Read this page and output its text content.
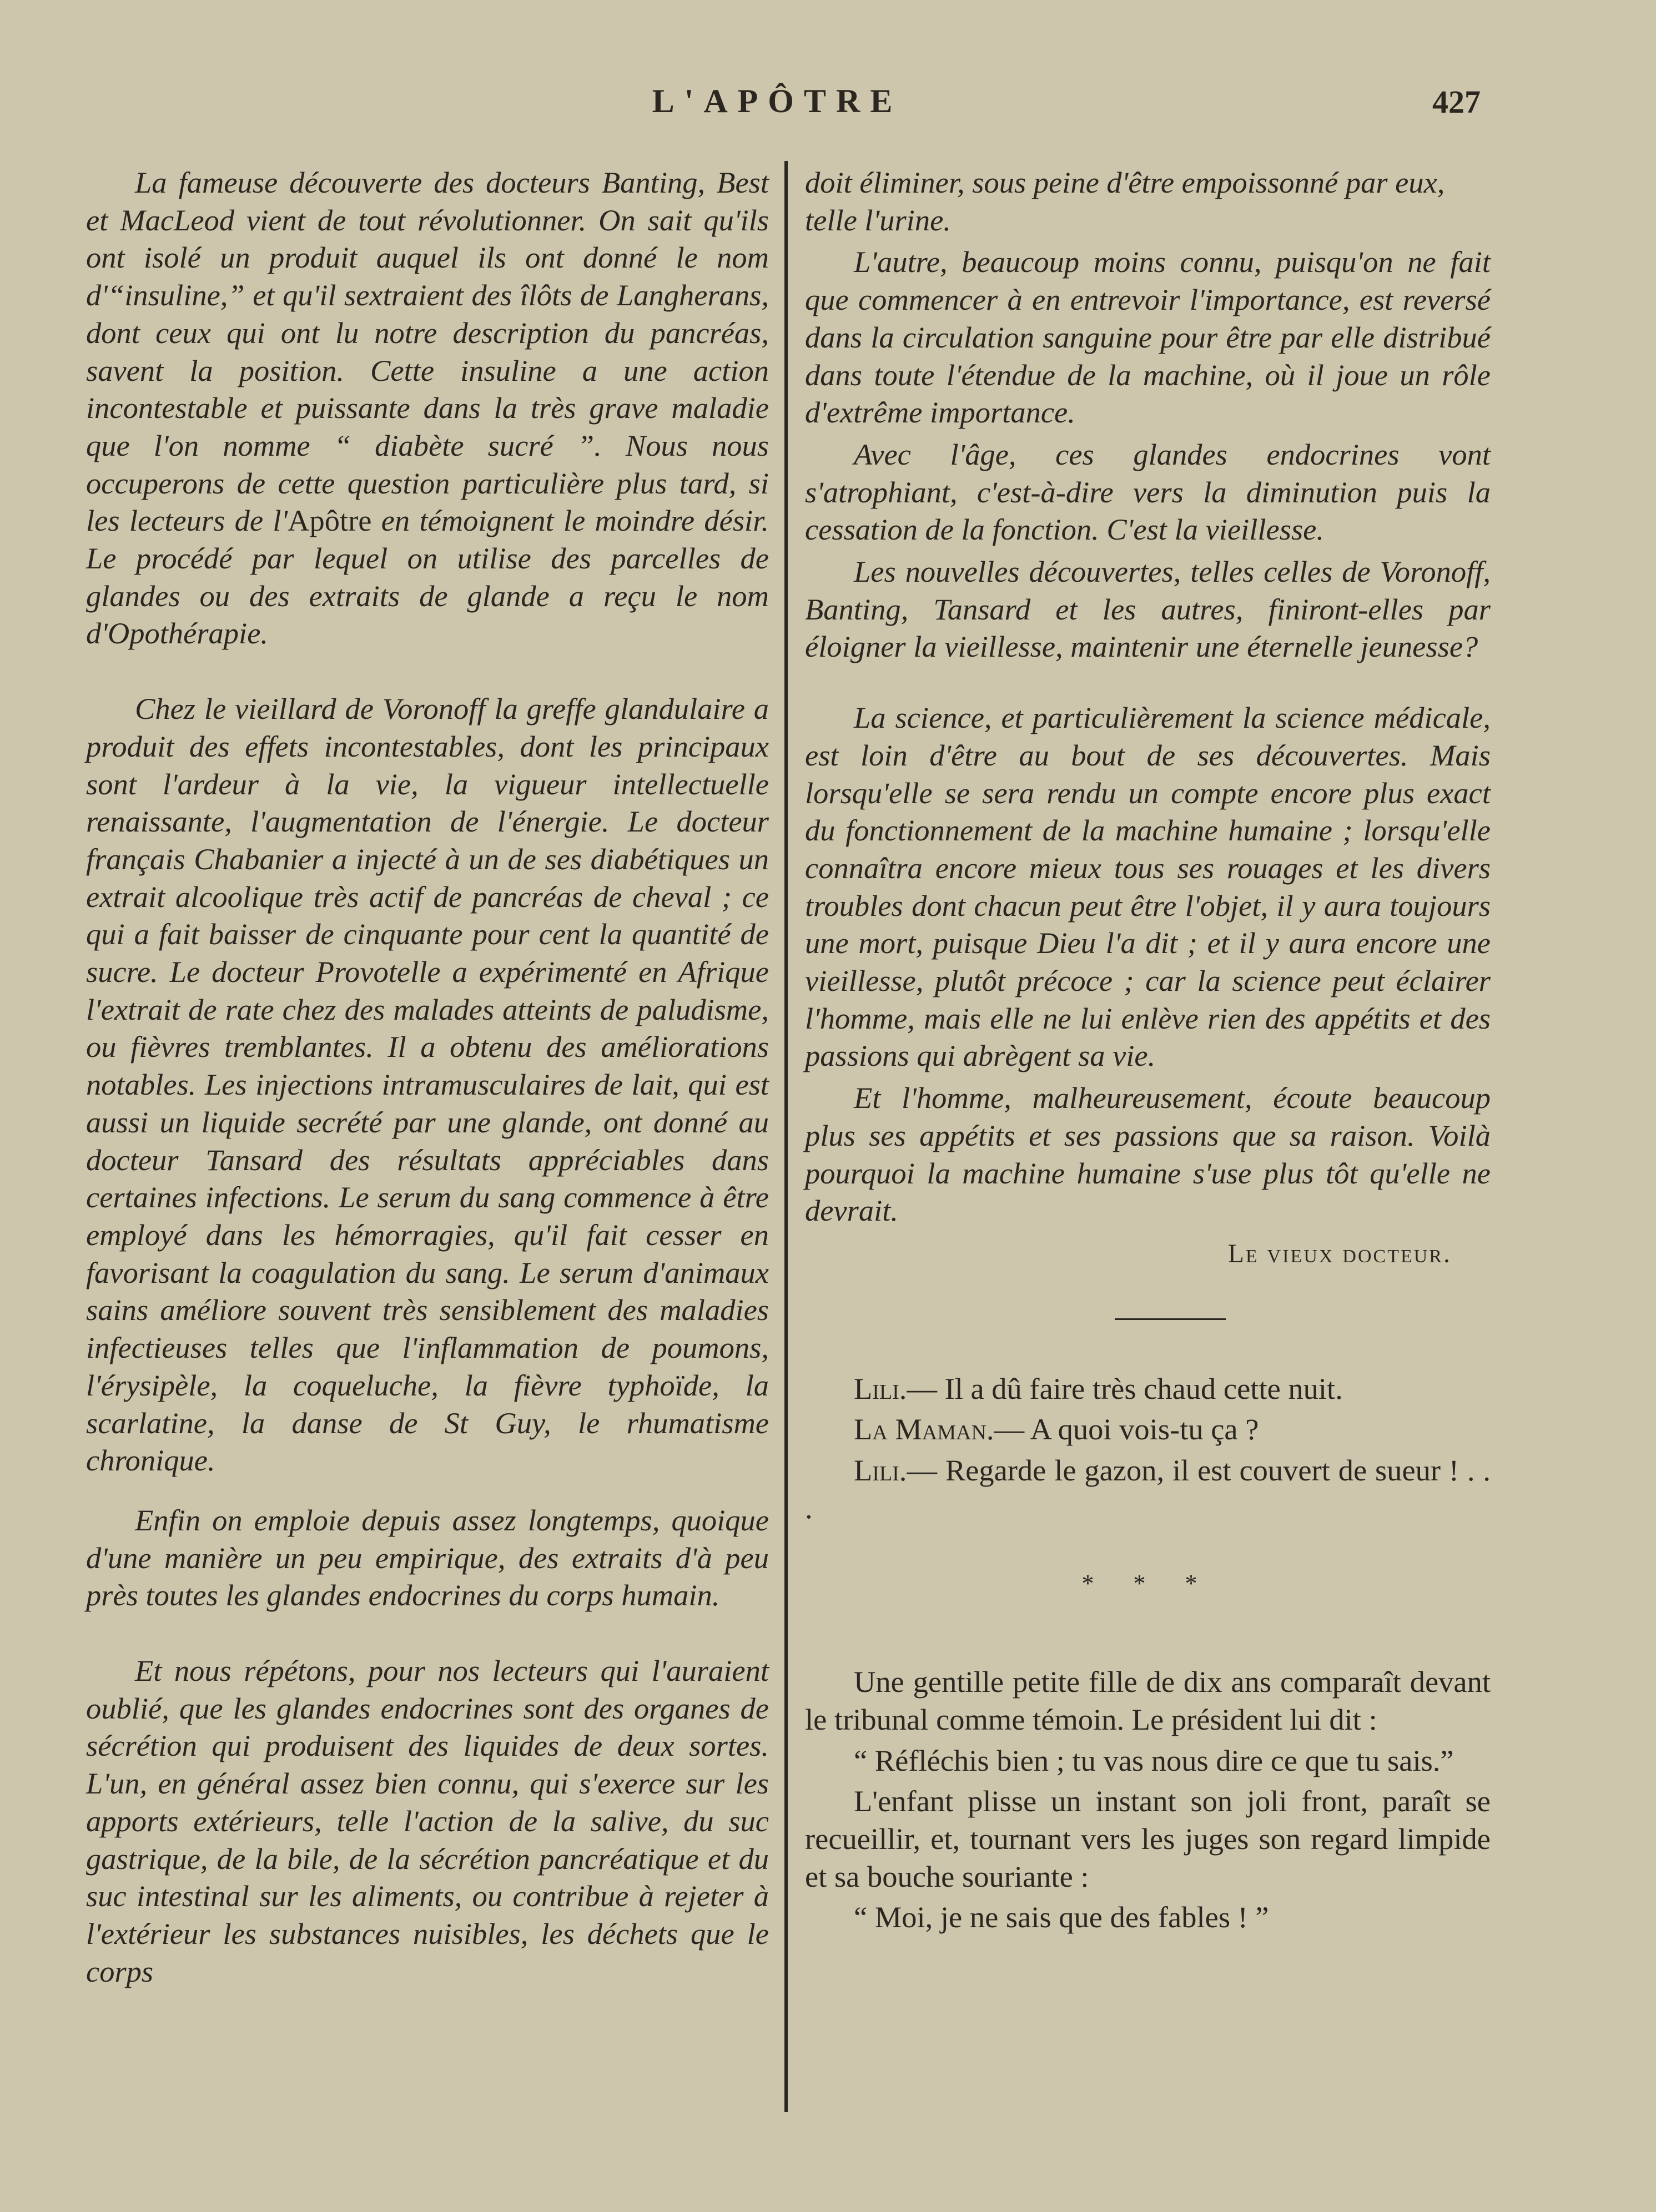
L'APÔTRE	427

La fameuse découverte des docteurs Banting, Best et MacLeod vient de tout révolutionner. On sait qu'ils ont isolé un produit auquel ils ont donné le nom d'“insuline,” et qu'il sextraient des îlôts de Langherans, dont ceux qui ont lu notre description du pancréas, savent la position. Cette insuline a une action incontestable et puissante dans la très grave maladie que l'on nomme “ diabète sucré ”. Nous nous occuperons de cette question particulière plus tard, si les lecteurs de l'Apôtre en témoignent le moindre désir. Le procédé par lequel on utilise des parcelles de glandes ou des extraits de glande a reçu le nom d'Opothérapie.

Chez le vieillard de Voronoff la greffe glandulaire a produit des effets incontestables, dont les principaux sont l'ardeur à la vie, la vigueur intellectuelle renaissante, l'augmentation de l'énergie. Le docteur français Chabanier a injecté à un de ses diabétiques un extrait alcoolique très actif de pancréas de cheval ; ce qui a fait baisser de cinquante pour cent la quantité de sucre. Le docteur Provotelle a expérimenté en Afrique l'extrait de rate chez des malades atteints de paludisme, ou fièvres tremblantes. Il a obtenu des améliorations notables. Les injections intramusculaires de lait, qui est aussi un liquide secrété par une glande, ont donné au docteur Tansard des résultats appréciables dans certaines infections. Le serum du sang commence à être employé dans les hémorragies, qu'il fait cesser en favorisant la coagulation du sang. Le serum d'animaux sains améliore souvent très sensiblement des maladies infectieuses telles que l'inflammation de poumons, l'érysipèle, la coqueluche, la fièvre typhoïde, la scarlatine, la danse de St Guy, le rhumatisme chronique.

Enfin on emploie depuis assez longtemps, quoique d'une manière un peu empirique, des extraits d'à peu près toutes les glandes endocrines du corps humain.

Et nous répétons, pour nos lecteurs qui l'auraient oublié, que les glandes endocrines sont des organes de sécrétion qui produisent des liquides de deux sortes. L'un, en général assez bien connu, qui s'exerce sur les apports extérieurs, telle l'action de la salive, du suc gastrique, de la bile, de la sécrétion pancréatique et du suc intestinal sur les aliments, ou contribue à rejeter à l'extérieur les substances nuisibles, les déchets que le corps

doit éliminer, sous peine d'être empoissonné par eux, telle l'urine.

L'autre, beaucoup moins connu, puisqu'on ne fait que commencer à en entrevoir l'importance, est reversé dans la circulation sanguine pour être par elle distribué dans toute l'étendue de la machine, où il joue un rôle d'extrême importance.

Avec l'âge, ces glandes endocrines vont s'atrophiant, c'est-à-dire vers la diminution puis la cessation de la fonction. C'est la vieillesse.

Les nouvelles découvertes, telles celles de Voronoff, Banting, Tansard et les autres, finiront-elles par éloigner la vieillesse, maintenir une éternelle jeunesse?

La science, et particulièrement la science médicale, est loin d'être au bout de ses découvertes. Mais lorsqu'elle se sera rendu un compte encore plus exact du fonctionnement de la machine humaine ; lorsqu'elle connaîtra encore mieux tous ses rouages et les divers troubles dont chacun peut être l'objet, il y aura toujours une mort, puisque Dieu l'a dit ; et il y aura encore une vieillesse, plutôt précoce ; car la science peut éclairer l'homme, mais elle ne lui enlève rien des appétits et des passions qui abrègent sa vie.

Et l'homme, malheureusement, écoute beaucoup plus ses appétits et ses passions que sa raison. Voilà pourquoi la machine humaine s'use plus tôt qu'elle ne devrait.

Le vieux docteur.

Lili.— Il a dû faire très chaud cette nuit.

La Maman.— A quoi vois-tu ça ?

Lili.— Regarde le gazon, il est couvert de sueur ! . . .

* * *

Une gentille petite fille de dix ans comparaît devant le tribunal comme témoin. Le président lui dit :

“ Réfléchis bien ; tu vas nous dire ce que tu sais.”

L'enfant plisse un instant son joli front, paraît se recueillir, et, tournant vers les juges son regard limpide et sa bouche souriante :

“ Moi, je ne sais que des fables ! ”
